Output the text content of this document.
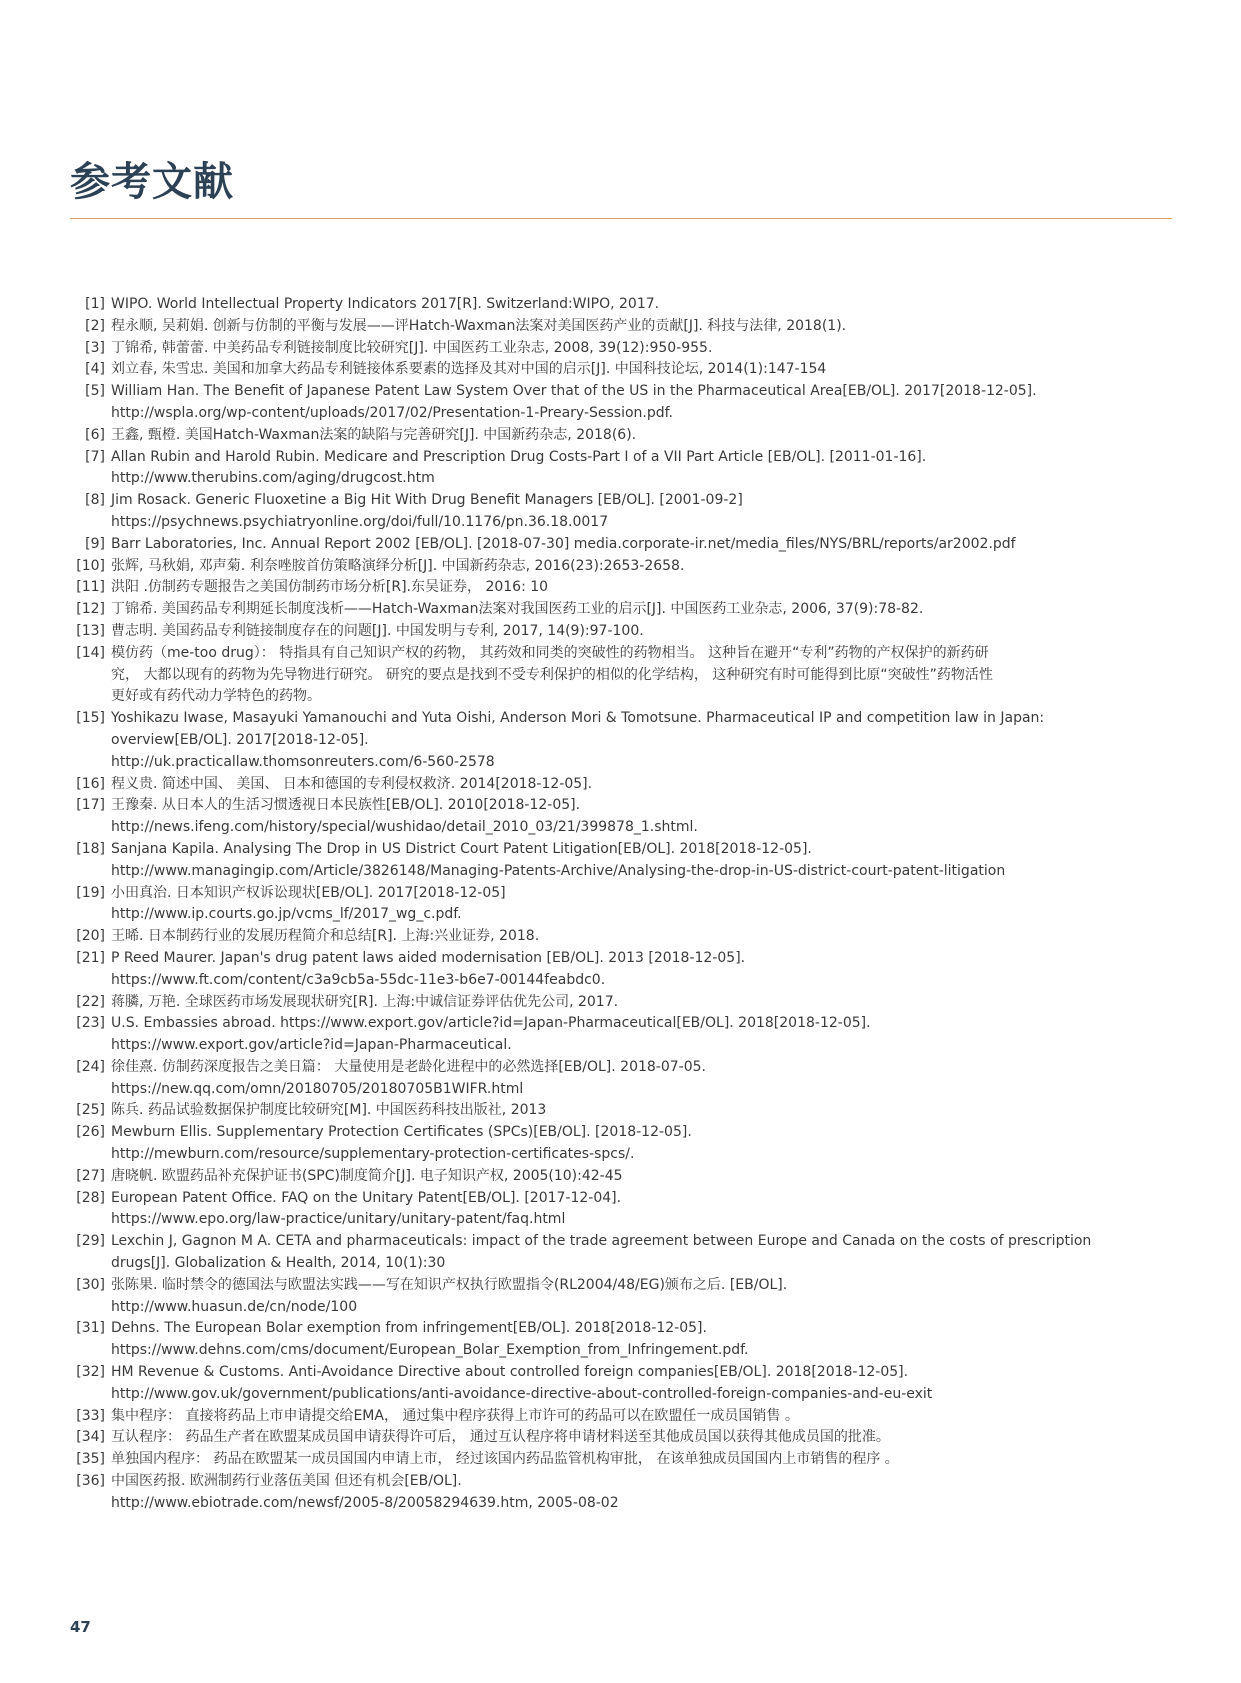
参考文献
[1] WIPO. World Intellectual Property Indicators 2017[R]. Switzerland:WIPO, 2017.
[2] 程永顺, 吴莉娟. 创新与仿制的平衡与发展——评Hatch-Waxman法案对美国医药产业的贡献[J]. 科技与法律, 2018(1).
[3] 丁锦希, 韩蕾蕾. 中美药品专利链接制度比较研究[J]. 中国医药工业杂志, 2008, 39(12):950-955.
[4] 刘立春, 朱雪忠. 美国和加拿大药品专利链接体系要素的选择及其对中国的启示[J]. 中国科技论坛, 2014(1):147-154
[5] William Han. The Benefit of Japanese Patent Law System Over that of the US in the Pharmaceutical Area[EB/OL]. 2017[2018-12-05].
http://wspla.org/wp-content/uploads/2017/02/Presentation-1-Preary-Session.pdf.
[6] 王鑫, 甄橙. 美国Hatch-Waxman法案的缺陷与完善研究[J]. 中国新药杂志, 2018(6).
[7] Allan Rubin and Harold Rubin. Medicare and Prescription Drug Costs-Part I of a VII Part Article [EB/OL]. [2011-01-16].
http://www.therubins.com/aging/drugcost.htm
[8] Jim Rosack. Generic Fluoxetine a Big Hit With Drug Benefit Managers [EB/OL]. [2001-09-2]
https://psychnews.psychiatryonline.org/doi/full/10.1176/pn.36.18.0017
[9] Barr Laboratories, Inc. Annual Report 2002 [EB/OL]. [2018-07-30] media.corporate-ir.net/media_files/NYS/BRL/reports/ar2002.pdf
[10] 张辉, 马秋娟, 邓声菊. 利奈唑胺首仿策略演绎分析[J]. 中国新药杂志, 2016(23):2653-2658.
[11] 洪阳 .仿制药专题报告之美国仿制药市场分析[R].东吴证券， 2016: 10
[12] 丁锦希. 美国药品专利期延长制度浅析——Hatch-Waxman法案对我国医药工业的启示[J]. 中国医药工业杂志, 2006, 37(9):78-82.
[13] 曹志明. 美国药品专利链接制度存在的问题[J]. 中国发明与专利, 2017, 14(9):97-100.
[14] 模仿药（me-too drug）： 特指具有自己知识产权的药物， 其药效和同类的突破性的药物相当。 这种旨在避开“专利”药物的产权保护的新药研
究， 大都以现有的药物为先导物进行研究。 研究的要点是找到不受专利保护的相似的化学结构， 这种研究有时可能得到比原“突破性”药物活性
更好或有药代动力学特色的药物。
[15] Yoshikazu Iwase, Masayuki Yamanouchi and Yuta Oishi, Anderson Mori & Tomotsune. Pharmaceutical IP and competition law in Japan:
overview[EB/OL]. 2017[2018-12-05].
http://uk.practicallaw.thomsonreuters.com/6-560-2578
[16] 程义贵. 简述中国、 美国、 日本和德国的专利侵权救济. 2014[2018-12-05].
[17] 王豫秦. 从日本人的生活习惯透视日本民族性[EB/OL]. 2010[2018-12-05].
http://news.ifeng.com/history/special/wushidao/detail_2010_03/21/399878_1.shtml.
[18] Sanjana Kapila. Analysing The Drop in US District Court Patent Litigation[EB/OL]. 2018[2018-12-05].
http://www.managingip.com/Article/3826148/Managing-Patents-Archive/Analysing-the-drop-in-US-district-court-patent-litigation
[19] 小田真治. 日本知识产权诉讼现状[EB/OL]. 2017[2018-12-05]
http://www.ip.courts.go.jp/vcms_lf/2017_wg_c.pdf.
[20] 王晞. 日本制药行业的发展历程简介和总结[R]. 上海:兴业证券, 2018.
[21] P Reed Maurer. Japan's drug patent laws aided modernisation [EB/OL]. 2013 [2018-12-05].
https://www.ft.com/content/c3a9cb5a-55dc-11e3-b6e7-00144feabdc0.
[22] 蒋膦, 万艳. 全球医药市场发展现状研究[R]. 上海:中诚信证券评估优先公司, 2017.
[23] U.S. Embassies abroad. https://www.export.gov/article?id=Japan-Pharmaceutical[EB/OL]. 2018[2018-12-05].
https://www.export.gov/article?id=Japan-Pharmaceutical.
[24] 徐佳熹. 仿制药深度报告之美日篇： 大量使用是老龄化进程中的必然选择[EB/OL]. 2018-07-05.
https://new.qq.com/omn/20180705/20180705B1WIFR.html
[25] 陈兵. 药品试验数据保护制度比较研究[M]. 中国医药科技出版社, 2013
[26] Mewburn Ellis. Supplementary Protection Certificates (SPCs)[EB/OL]. [2018-12-05].
http://mewburn.com/resource/supplementary-protection-certificates-spcs/.
[27] 唐晓帆. 欧盟药品补充保护证书(SPC)制度简介[J]. 电子知识产权, 2005(10):42-45
[28] European Patent Office. FAQ on the Unitary Patent[EB/OL]. [2017-12-04].
https://www.epo.org/law-practice/unitary/unitary-patent/faq.html
[29] Lexchin J, Gagnon M A. CETA and pharmaceuticals: impact of the trade agreement between Europe and Canada on the costs of prescription
drugs[J]. Globalization & Health, 2014, 10(1):30
[30] 张陈果. 临时禁令的德国法与欧盟法实践——写在知识产权执行欧盟指令(RL2004/48/EG)颁布之后. [EB/OL].
http://www.huasun.de/cn/node/100
[31] Dehns. The European Bolar exemption from infringement[EB/OL]. 2018[2018-12-05].
https://www.dehns.com/cms/document/European_Bolar_Exemption_from_Infringement.pdf.
[32] HM Revenue & Customs. Anti-Avoidance Directive about controlled foreign companies[EB/OL]. 2018[2018-12-05].
http://www.gov.uk/government/publications/anti-avoidance-directive-about-controlled-foreign-companies-and-eu-exit
[33] 集中程序： 直接将药品上市申请提交给EMA， 通过集中程序获得上市许可的药品可以在欧盟任一成员国销售 。
[34] 互认程序： 药品生产者在欧盟某成员国申请获得许可后， 通过互认程序将申请材料送至其他成员国以获得其他成员国的批准。
[35] 单独国内程序： 药品在欧盟某一成员国国内申请上市， 经过该国内药品监管机构审批， 在该单独成员国国内上市销售的程序 。
[36] 中国医药报. 欧洲制药行业落伍美国 但还有机会[EB/OL].
http://www.ebiotrade.com/newsf/2005-8/20058294639.htm, 2005-08-02
47
